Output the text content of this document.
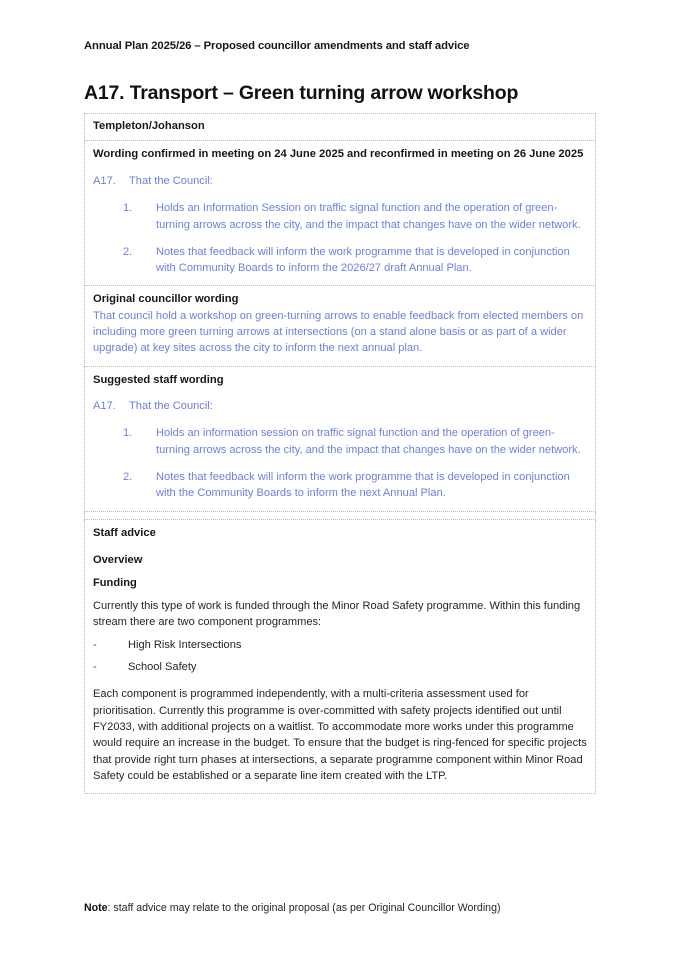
Annual Plan 2025/26 – Proposed councillor amendments and staff advice
A17. Transport – Green turning arrow workshop
Templeton/Johanson

Wording confirmed in meeting on 24 June 2025 and reconfirmed in meeting on 26 June 2025
A17.	That the Council:
1.	Holds an Information Session on traffic signal function and the operation of green-turning arrows across the city, and the impact that changes have on the wider network.
2.	Notes that feedback will inform the work programme that is developed in conjunction with Community Boards to inform the 2026/27 draft Annual Plan.

Original councillor wording

That council hold a workshop on green-turning arrows to enable feedback from elected members on including more green turning arrows at intersections (on a stand alone basis or as part of a wider upgrade) at key sites across the city to inform the next annual plan.

Suggested staff wording
A17.	That the Council:
1.	Holds an information session on traffic signal function and the operation of green-turning arrows across the city, and the impact that changes have on the wider network.
2.	Notes that feedback will inform the work programme that is developed in conjunction with the Community Boards to inform the next Annual Plan.

Staff advice
Overview
Funding

Currently this type of work is funded through the Minor Road Safety programme. Within this funding stream there are two component programmes:

-	High Risk Intersections
-	School Safety

Each component is programmed independently, with a multi-criteria assessment used for prioritisation. Currently this programme is over-committed with safety projects identified out until FY2033, with additional projects on a waitlist. To accommodate more works under this programme would require an increase in the budget. To ensure that the budget is ring-fenced for specific projects that provide right turn phases at intersections, a separate programme component within Minor Road Safety could be established or a separate line item created with the LTP.

Note: staff advice may relate to the original proposal (as per Original Councillor Wording)
